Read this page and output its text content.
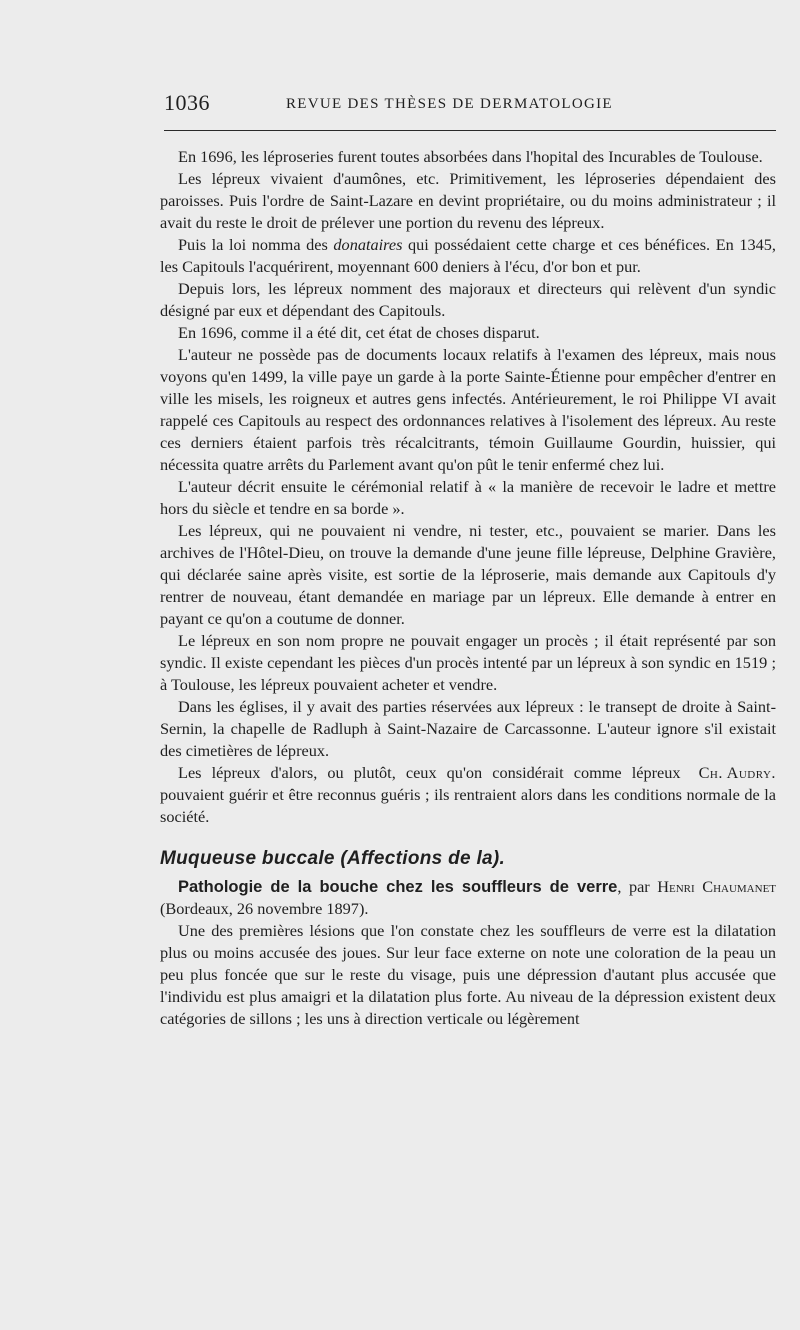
1036	REVUE DES THÈSES DE DERMATOLOGIE

En 1696, les léproseries furent toutes absorbées dans l'hopital des Incurables de Toulouse.

Les lépreux vivaient d'aumônes, etc. Primitivement, les léproseries dépendaient des paroisses. Puis l'ordre de Saint-Lazare en devint propriétaire, ou du moins administrateur ; il avait du reste le droit de prélever une portion du revenu des lépreux.

Puis la loi nomma des donataires qui possédaient cette charge et ces bénéfices. En 1345, les Capitouls l'acquérirent, moyennant 600 deniers à l'écu, d'or bon et pur.

Depuis lors, les lépreux nomment des majoraux et directeurs qui relèvent d'un syndic désigné par eux et dépendant des Capitouls.

En 1696, comme il a été dit, cet état de choses disparut.

L'auteur ne possède pas de documents locaux relatifs à l'examen des lépreux, mais nous voyons qu'en 1499, la ville paye un garde à la porte Sainte-Étienne pour empêcher d'entrer en ville les misels, les roigneux et autres gens infectés. Antérieurement, le roi Philippe VI avait rappelé ces Capitouls au respect des ordonnances relatives à l'isolement des lépreux. Au reste ces derniers étaient parfois très récalcitrants, témoin Guillaume Gourdin, huissier, qui nécessita quatre arrêts du Parlement avant qu'on pût le tenir enfermé chez lui.

L'auteur décrit ensuite le cérémonial relatif à « la manière de recevoir le ladre et mettre hors du siècle et tendre en sa borde ».

Les lépreux, qui ne pouvaient ni vendre, ni tester, etc., pouvaient se marier. Dans les archives de l'Hôtel-Dieu, on trouve la demande d'une jeune fille lépreuse, Delphine Gravière, qui déclarée saine après visite, est sortie de la léproserie, mais demande aux Capitouls d'y rentrer de nouveau, étant demandée en mariage par un lépreux. Elle demande à entrer en payant ce qu'on a coutume de donner.

Le lépreux en son nom propre ne pouvait engager un procès ; il était représenté par son syndic. Il existe cependant les pièces d'un procès intenté par un lépreux à son syndic en 1519 ; à Toulouse, les lépreux pouvaient acheter et vendre.

Dans les églises, il y avait des parties réservées aux lépreux : le transept de droite à Saint-Sernin, la chapelle de Radluph à Saint-Nazaire de Carcassonne. L'auteur ignore s'il existait des cimetières de lépreux.

Ch. Audry.
Les lépreux d'alors, ou plutôt, ceux qu'on considérait comme lépreux pouvaient guérir et être reconnus guéris ; ils rentraient alors dans les conditions normale de la société.

Muqueuse buccale (Affections de la).

Pathologie de la bouche chez les souffleurs de verre, par Henri Chaumanet (Bordeaux, 26 novembre 1897).

Une des premières lésions que l'on constate chez les souffleurs de verre est la dilatation plus ou moins accusée des joues. Sur leur face externe on note une coloration de la peau un peu plus foncée que sur le reste du visage, puis une dépression d'autant plus accusée que l'individu est plus amaigri et la dilatation plus forte. Au niveau de la dépression existent deux catégories de sillons ; les uns à direction verticale ou légèrement
